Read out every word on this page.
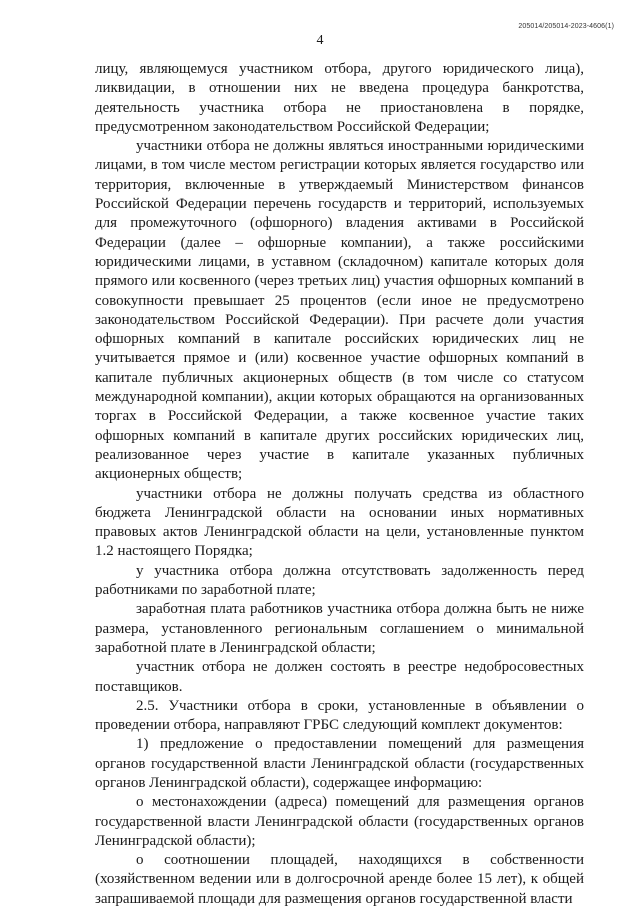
205014/205014-2023-4606(1)
4

лицу, являющемуся участником отбора, другого юридического лица), ликвидации, в отношении них не введена процедура банкротства, деятельность участника отбора не приостановлена в порядке, предусмотренном законодательством Российской Федерации;

участники отбора не должны являться иностранными юридическими лицами, в том числе местом регистрации которых является государство или территория, включенные в утверждаемый Министерством финансов Российской Федерации перечень государств и территорий, используемых для промежуточного (офшорного) владения активами в Российской Федерации (далее – офшорные компании), а также российскими юридическими лицами, в уставном (складочном) капитале которых доля прямого или косвенного (через третьих лиц) участия офшорных компаний в совокупности превышает 25 процентов (если иное не предусмотрено законодательством Российской Федерации). При расчете доли участия офшорных компаний в капитале российских юридических лиц не учитывается прямое и (или) косвенное участие офшорных компаний в капитале публичных акционерных обществ (в том числе со статусом международной компании), акции которых обращаются на организованных торгах в Российской Федерации, а также косвенное участие таких офшорных компаний в капитале других российских юридических лиц, реализованное через участие в капитале указанных публичных акционерных обществ;

участники отбора не должны получать средства из областного бюджета Ленинградской области на основании иных нормативных правовых актов Ленинградской области на цели, установленные пунктом 1.2 настоящего Порядка;

у участника отбора должна отсутствовать задолженность перед работниками по заработной плате;

заработная плата работников участника отбора должна быть не ниже размера, установленного региональным соглашением о минимальной заработной плате в Ленинградской области;

участник отбора не должен состоять в реестре недобросовестных поставщиков.

2.5. Участники отбора в сроки, установленные в объявлении о проведении отбора, направляют ГРБС следующий комплект документов:

1) предложение о предоставлении помещений для размещения органов государственной власти Ленинградской области (государственных органов Ленинградской области), содержащее информацию:

о местонахождении (адреса) помещений для размещения органов государственной власти Ленинградской области (государственных органов Ленинградской области);

о соотношении площадей, находящихся в собственности (хозяйственном ведении или в долгосрочной аренде более 15 лет), к общей запрашиваемой площади для размещения органов государственной власти
